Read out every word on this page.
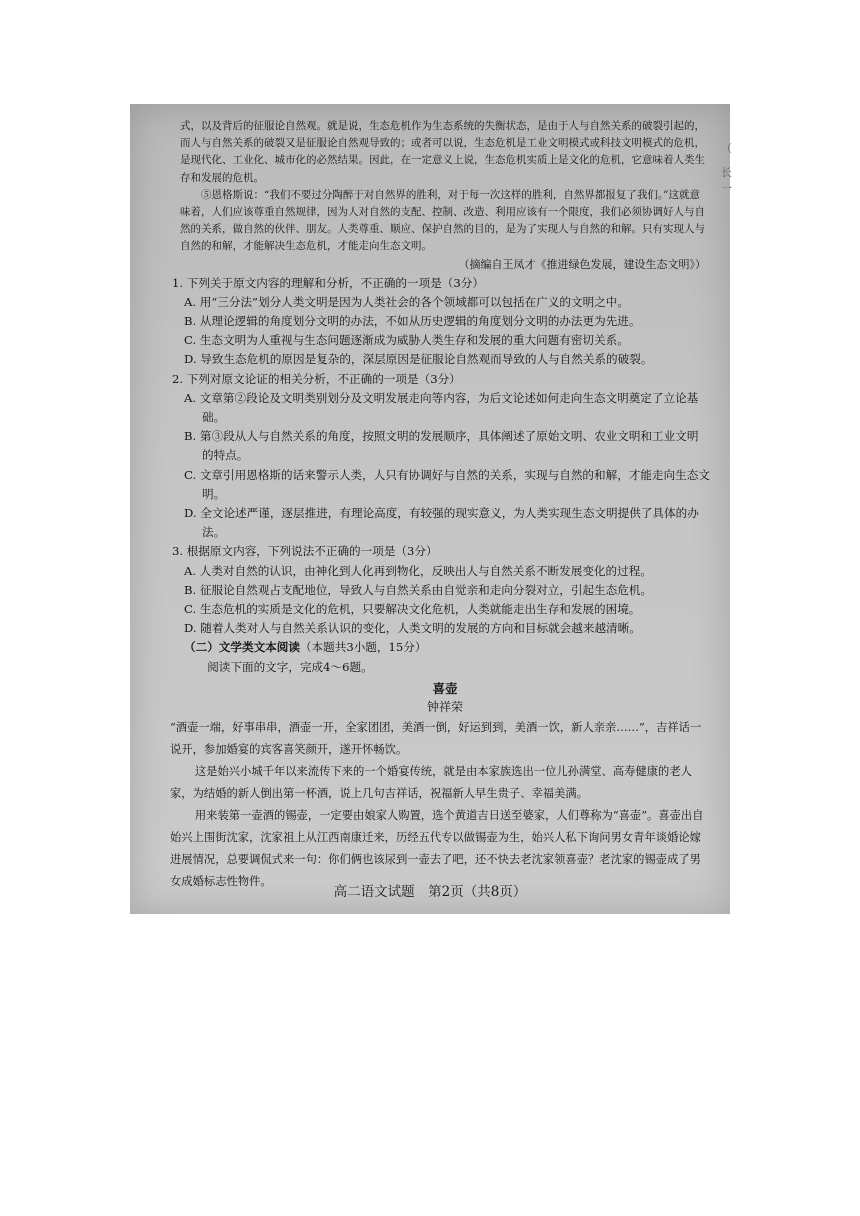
式，以及背后的征服论自然观。就是说，生态危机作为生态系统的失衡状态，是由于人与自然关系的破裂引起的，而人与自然关系的破裂又是征服论自然观导致的；或者可以说，生态危机是工业文明模式或科技文明模式的危机，是现代化、工业化、城市化的必然结果。因此，在一定意义上说，生态危机实质上是文化的危机，它意味着人类生存和发展的危机。

⑤恩格斯说：“我们不要过分陶醉于对自然界的胜利，对于每一次这样的胜利，自然界都报复了我们。”这就意味着，人们应该尊重自然规律，因为人对自然的支配、控制、改造、利用应该有一个限度，我们必须协调好人与自然的关系，做自然的伙伴、朋友。人类尊重、顺应、保护自然的目的，是为了实现人与自然的和解。只有实现人与自然的和解，才能解决生态危机，才能走向生态文明。

（摘编自王凤才《推进绿色发展，建设生态文明》）

1. 下列关于原文内容的理解和分析，不正确的一项是（3分）

A. 用“三分法”划分人类文明是因为人类社会的各个领域都可以包括在广义的文明之中。

B. 从理论逻辑的角度划分文明的办法，不如从历史逻辑的角度划分文明的办法更为先进。

C. 生态文明为人重视与生态问题逐渐成为威胁人类生存和发展的重大问题有密切关系。

D. 导致生态危机的原因是复杂的，深层原因是征服论自然观而导致的人与自然关系的破裂。

2. 下列对原文论证的相关分析，不正确的一项是（3分）

A. 文章第②段论及文明类别划分及文明发展走向等内容，为后文论述如何走向生态文明奠定了立论基础。

B. 第③段从人与自然关系的角度，按照文明的发展顺序，具体阐述了原始文明、农业文明和工业文明的特点。

C. 文章引用恩格斯的话来警示人类，人只有协调好与自然的关系，实现与自然的和解，才能走向生态文明。

D. 全文论述严谨，逐层推进，有理论高度，有较强的现实意义，为人类实现生态文明提供了具体的办法。

3. 根据原文内容，下列说法不正确的一项是（3分）

A. 人类对自然的认识，由神化到人化再到物化，反映出人与自然关系不断发展变化的过程。

B. 征服论自然观占支配地位，导致人与自然关系由自觉亲和走向分裂对立，引起生态危机。

C. 生态危机的实质是文化的危机，只要解决文化危机，人类就能走出生存和发展的困境。

D. 随着人类对人与自然关系认识的变化，人类文明的发展的方向和目标就会越来越清晰。

（二）文学类文本阅读（本题共3小题，15分）

阅读下面的文字，完成4～6题。

喜壶

钟祥荣

“酒壶一端，好事串串，酒壶一开，全家团团，美酒一倒，好运到到，美酒一饮，新人亲亲……”，吉祥话一说开，参加婚宴的宾客喜笑颜开，遂开怀畅饮。

这是始兴小城千年以来流传下来的一个婚宴传统，就是由本家族选出一位儿孙满堂、高寿健康的老人家，为结婚的新人倒出第一杯酒，说上几句吉祥话，祝福新人早生贵子、幸福美满。

用来装第一壶酒的锡壶，一定要由娘家人购置，选个黄道吉日送至婆家，人们尊称为“喜壶”。喜壶出自始兴上围街沈家，沈家祖上从江西南康迁来，历经五代专以做锡壶为生，始兴人私下询问男女青年谈婚论嫁进展情况，总要调侃式来一句：你们俩也该尿到一壶去了吧，还不快去老沈家领喜壶？老沈家的锡壶成了男女成婚标志性物件。

高二语文试题　第2页（共8页）
（
长
一
